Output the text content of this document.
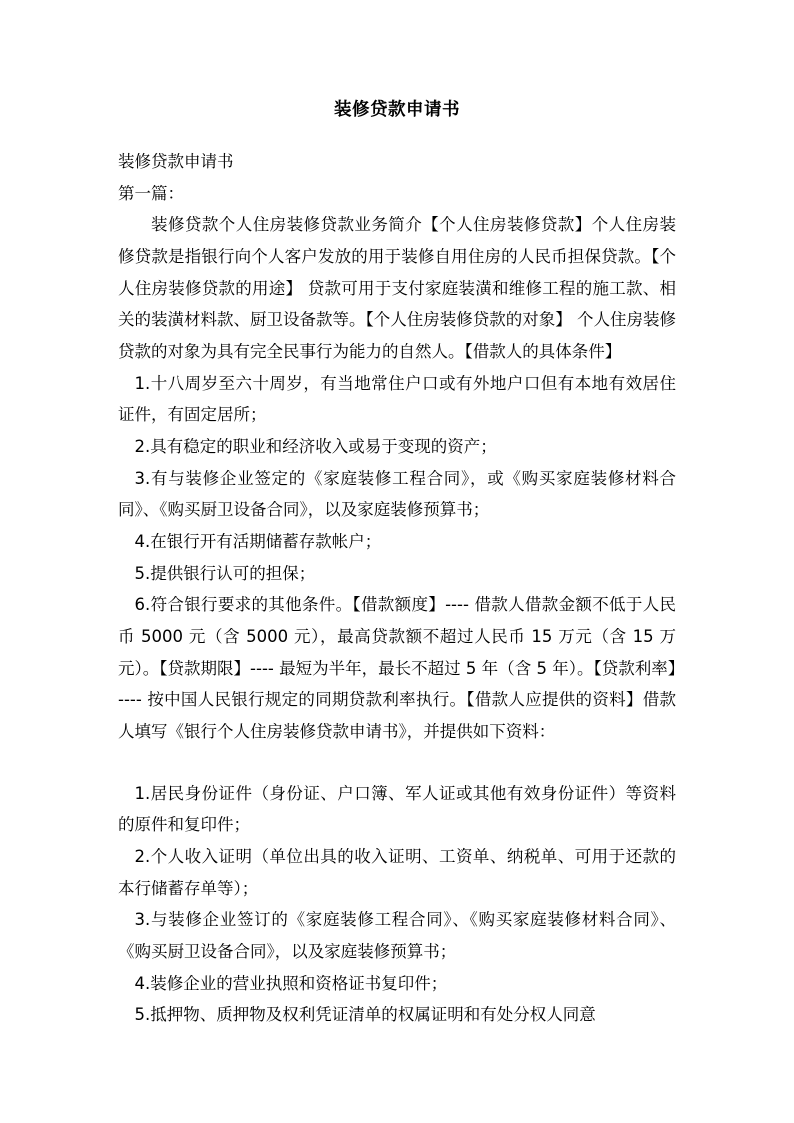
装修贷款申请书

装修贷款申请书

第一篇：

装修贷款个人住房装修贷款业务简介【个人住房装修贷款】个人住房装修贷款是指银行向个人客户发放的用于装修自用住房的人民币担保贷款。【个人住房装修贷款的用途】 贷款可用于支付家庭装潢和维修工程的施工款、相关的装潢材料款、厨卫设备款等。【个人住房装修贷款的对象】 个人住房装修贷款的对象为具有完全民事行为能力的自然人。【借款人的具体条件】

1.十八周岁至六十周岁，有当地常住户口或有外地户口但有本地有效居住证件，有固定居所；

2.具有稳定的职业和经济收入或易于变现的资产；

3.有与装修企业签定的《家庭装修工程合同》，或《购买家庭装修材料合同》、《购买厨卫设备合同》，以及家庭装修预算书；

4.在银行开有活期储蓄存款帐户；

5.提供银行认可的担保；

6.符合银行要求的其他条件。【借款额度】---- 借款人借款金额不低于人民币 5000 元（含 5000 元），最高贷款额不超过人民币 15 万元（含 15 万元）。【贷款期限】---- 最短为半年，最长不超过 5 年（含 5 年）。【贷款利率】---- 按中国人民银行规定的同期贷款利率执行。【借款人应提供的资料】借款人填写《银行个人住房装修贷款申请书》，并提供如下资料：

1.居民身份证件（身份证、户口簿、军人证或其他有效身份证件）等资料的原件和复印件；

2.个人收入证明（单位出具的收入证明、工资单、纳税单、可用于还款的本行储蓄存单等）；

3.与装修企业签订的《家庭装修工程合同》、《购买家庭装修材料合同》、《购买厨卫设备合同》，以及家庭装修预算书；

4.装修企业的营业执照和资格证书复印件；

5.抵押物、质押物及权利凭证清单的权属证明和有处分权人同意
